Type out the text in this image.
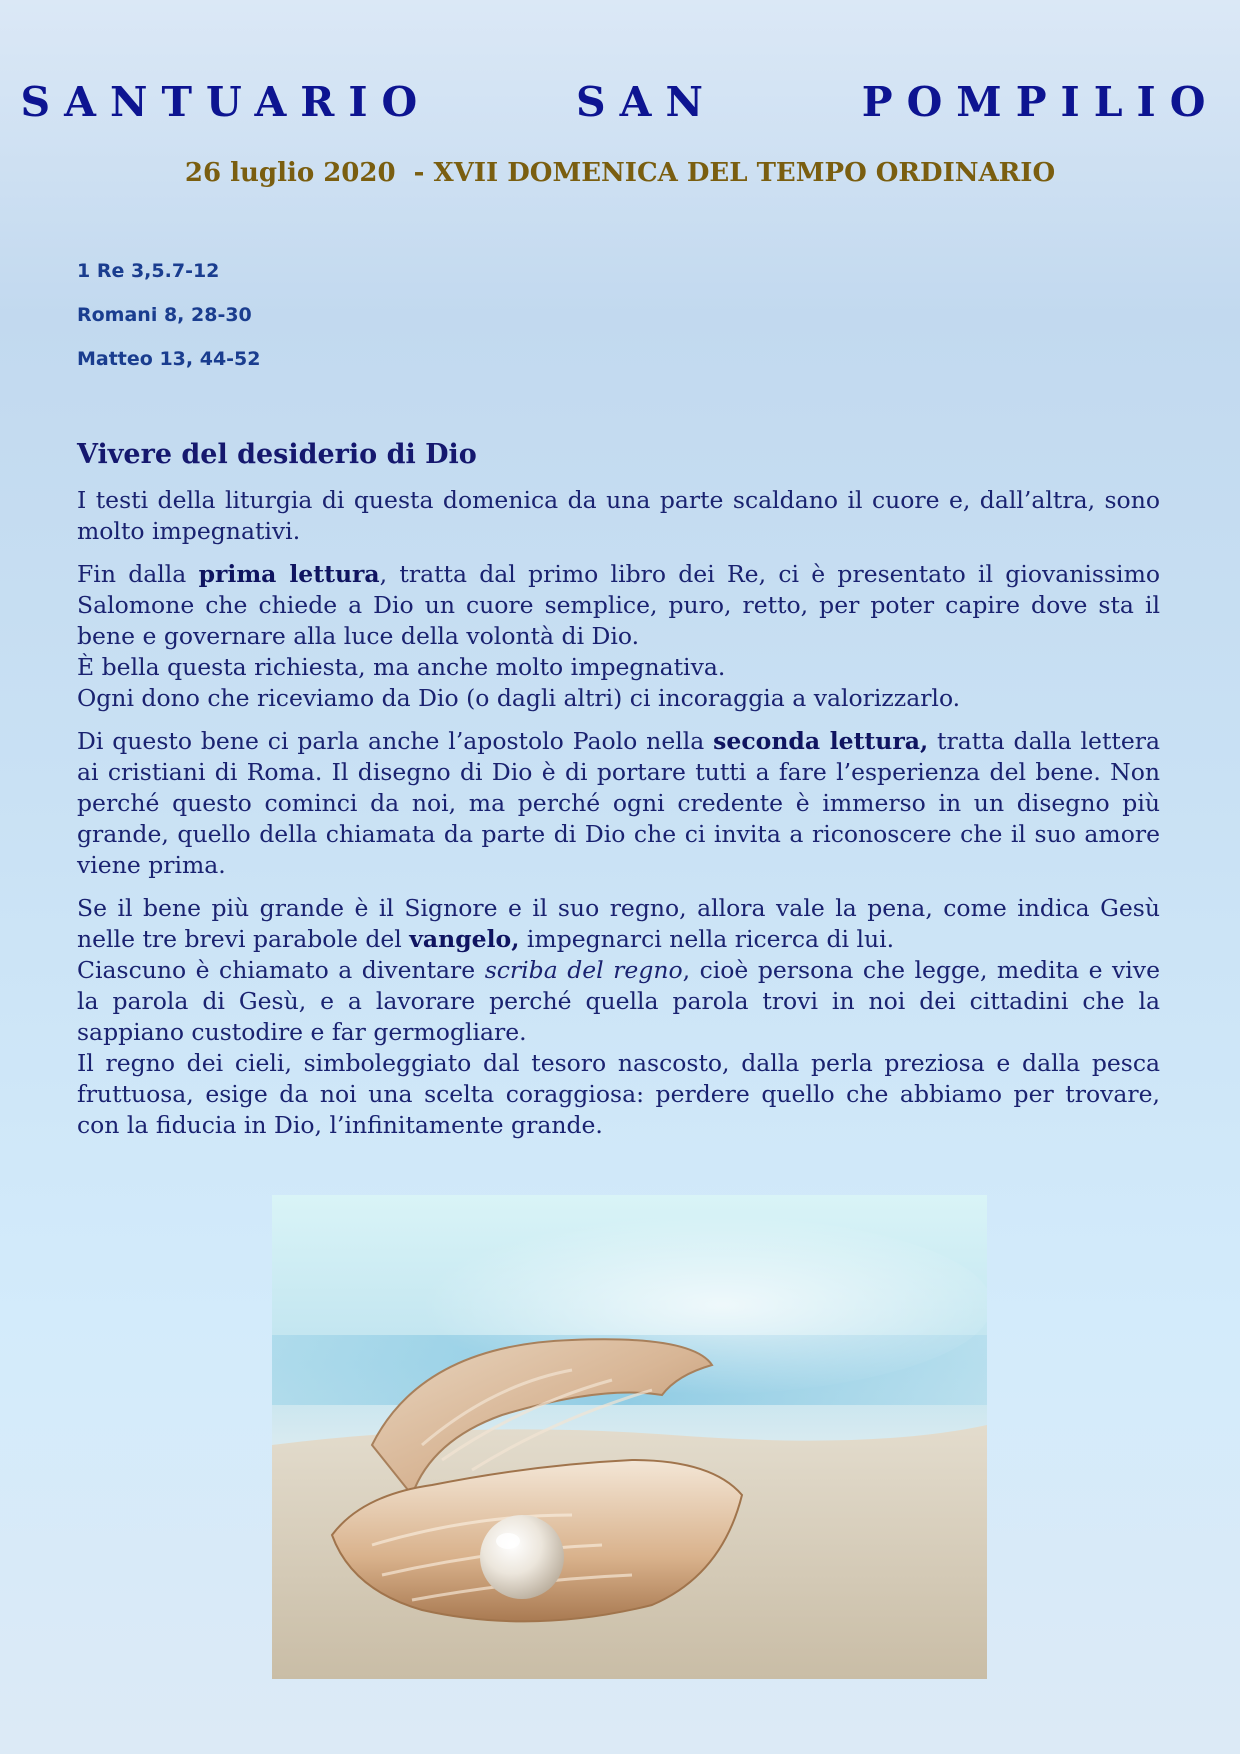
SANTUARIO   SAN   POMPILIO
26 luglio 2020  - XVII DOMENICA DEL TEMPO ORDINARIO
1 Re 3,5.7-12
Romani 8, 28-30
Matteo 13, 44-52
Vivere del desiderio di Dio

I testi della liturgia di questa domenica da una parte scaldano il cuore e, dall’altra, sono molto impegnativi.

Fin dalla prima lettura, tratta dal primo libro dei Re, ci è presentato il giovanissimo Salomone che chiede a Dio un cuore semplice, puro, retto, per poter capire dove sta il bene e governare alla luce della volontà di Dio.
È bella questa richiesta, ma anche molto impegnativa.
Ogni dono che riceviamo da Dio (o dagli altri) ci incoraggia a valorizzarlo.

Di questo bene ci parla anche l’apostolo Paolo nella seconda lettura, tratta dalla lettera ai cristiani di Roma. Il disegno di Dio è di portare tutti a fare l’esperienza del bene. Non perché questo cominci da noi, ma perché ogni credente è immerso in un disegno più grande, quello della chiamata da parte di Dio che ci invita a riconoscere che il suo amore viene prima.

Se il bene più grande è il Signore e il suo regno, allora vale la pena, come indica Gesù nelle tre brevi parabole del vangelo, impegnarci nella ricerca di lui.
Ciascuno è chiamato a diventare scriba del regno, cioè persona che legge, medita e vive la parola di Gesù, e a lavorare perché quella parola trovi in noi dei cittadini che la sappiano custodire e far germogliare.
Il regno dei cieli, simboleggiato dal tesoro nascosto, dalla perla preziosa e dalla pesca fruttuosa, esige da noi una scelta coraggiosa: perdere quello che abbiamo per trovare, con la fiducia in Dio, l’infinitamente grande.
